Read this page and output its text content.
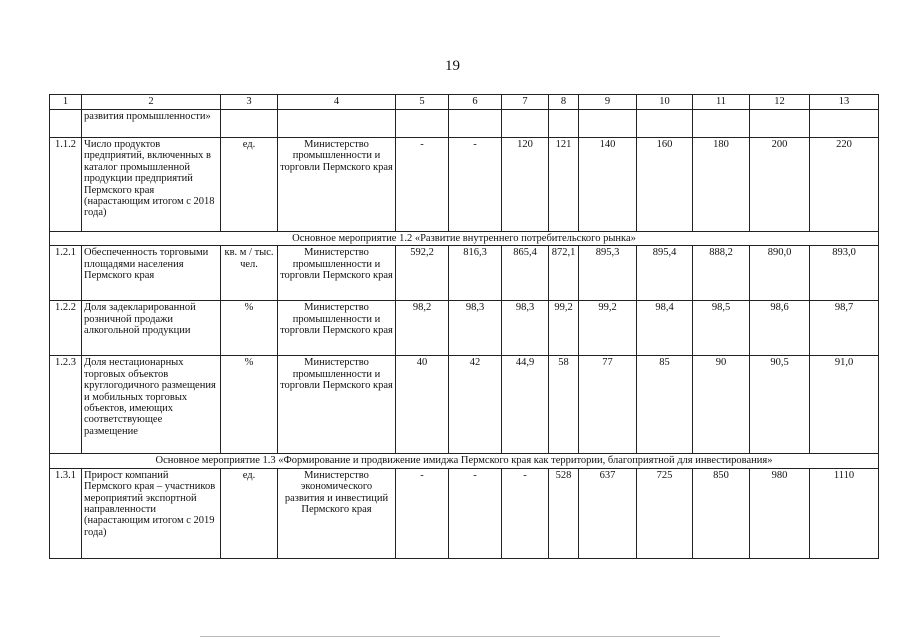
19
1	2	3	4	5	6	7	8	9	10	11	12	13
	развития промышленности»											
1.1.2	Число продуктов предприятий, включенных в каталог промышленной продукции предприятий Пермского края (нарастающим итогом с 2018 года)	ед.	Министерство промышленности и торговли Пермского края	-	-	120	121	140	160	180	200	220
Основное мероприятие 1.2 «Развитие внутреннего потребительского рынка»												
1.2.1	Обеспеченность торговыми площадями населения Пермского края	кв. м / тыс. чел.	Министерство промышленности и торговли Пермского края	592,2	816,3	865,4	872,1	895,3	895,4	888,2	890,0	893,0
1.2.2	Доля задекларированной розничной продажи алкогольной продукции	%	Министерство промышленности и торговли Пермского края	98,2	98,3	98,3	99,2	99,2	98,4	98,5	98,6	98,7
1.2.3	Доля нестационарных торговых объектов круглогодичного размещения и мобильных торговых объектов, имеющих соответствующее размещение	%	Министерство промышленности и торговли Пермского края	40	42	44,9	58	77	85	90	90,5	91,0
Основное мероприятие 1.3 «Формирование и продвижение имиджа Пермского края как территории, благоприятной для инвестирования»												
1.3.1	Прирост компаний Пермского края – участников мероприятий экспортной направленности (нарастающим итогом с 2019 года)	ед.	Министерство экономического развития и инвестиций Пермского края	-	-	-	528	637	725	850	980	1110
